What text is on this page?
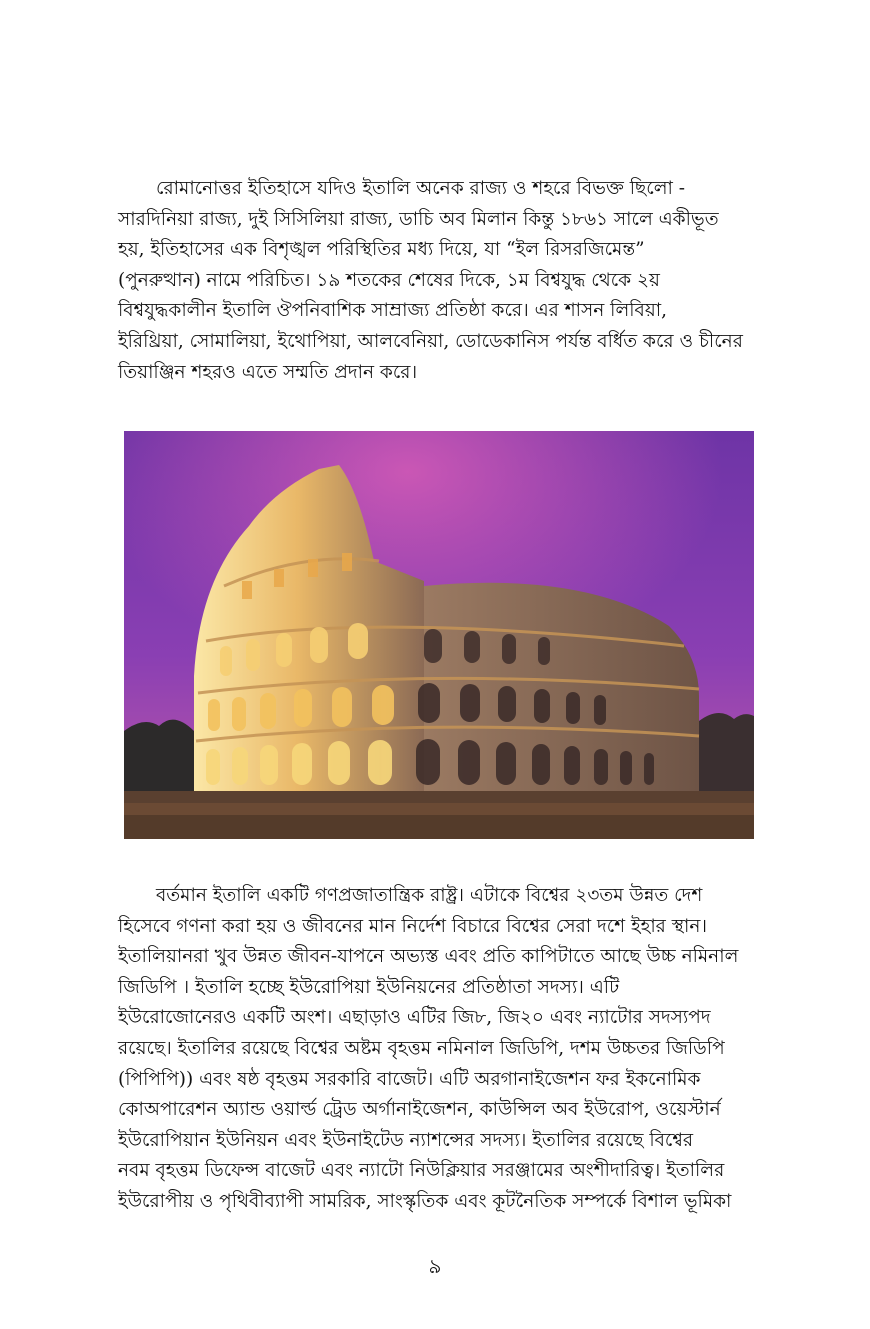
রোমানোত্তর ইতিহাসে যদিও ইতালি অনেক রাজ্য ও শহরে বিভক্ত ছিলো -
সারদিনিয়া রাজ্য, দুই সিসিলিয়া রাজ্য, ডাচি অব মিলান কিন্তু ১৮৬১ সালে একীভূত
হয়, ইতিহাসের এক বিশৃঙ্খল পরিস্থিতির মধ্য দিয়ে, যা “ইল রিসরজিমেন্ত”
(পুনরুত্থান) নামে পরিচিত। ১৯ শতকের শেষের দিকে, ১ম বিশ্বযুদ্ধ থেকে ২য়
বিশ্বযুদ্ধকালীন ইতালি ঔপনিবাশিক সাম্রাজ্য প্রতিষ্ঠা করে। এর শাসন লিবিয়া,
ইরিথ্রিয়া, সোমালিয়া, ইথোপিয়া, আলবেনিয়া, ডোডেকানিস পর্যন্ত বর্ধিত করে ও চীনের
তিয়াঞ্জিন শহরও এতে সম্মতি প্রদান করে।
বর্তমান ইতালি একটি গণপ্রজাতান্ত্রিক রাষ্ট্র। এটাকে বিশ্বের ২৩তম উন্নত দেশ
হিসেবে গণনা করা হয় ও জীবনের মান নির্দেশ বিচারে বিশ্বের সেরা দশে ইহার স্থান।
ইতালিয়ানরা খুব উন্নত জীবন-যাপনে অভ্যস্ত এবং প্রতি কাপিটাতে আছে উচ্চ নমিনাল
জিডিপি । ইতালি হচ্ছে ইউরোপিয়া ইউনিয়নের প্রতিষ্ঠাতা সদস্য। এটি
ইউরোজোনেরও একটি অংশ। এছাড়াও এটির জি৮, জি২০ এবং ন্যাটোর সদস্যপদ
রয়েছে। ইতালির রয়েছে বিশ্বের অষ্টম বৃহত্তম নমিনাল জিডিপি, দশম উচ্চতর জিডিপি
(পিপিপি)) এবং ষষ্ঠ বৃহত্তম সরকারি বাজেট। এটি অরগানাইজেশন ফর ইকনোমিক
কোঅপারেশন অ্যান্ড ওয়ার্ল্ড ট্রেড অর্গানাইজেশন, কাউন্সিল অব ইউরোপ, ওয়েস্টার্ন
ইউরোপিয়ান ইউনিয়ন এবং ইউনাইটেড ন্যাশন্সের সদস্য। ইতালির রয়েছে বিশ্বের
নবম বৃহত্তম ডিফেন্স বাজেট এবং ন্যাটো নিউক্লিয়ার সরঞ্জামের অংশীদারিত্ব। ইতালির
ইউরোপীয় ও পৃথিবীব্যাপী সামরিক, সাংস্কৃতিক এবং কূটনৈতিক সম্পর্কে বিশাল ভূমিকা
৯
